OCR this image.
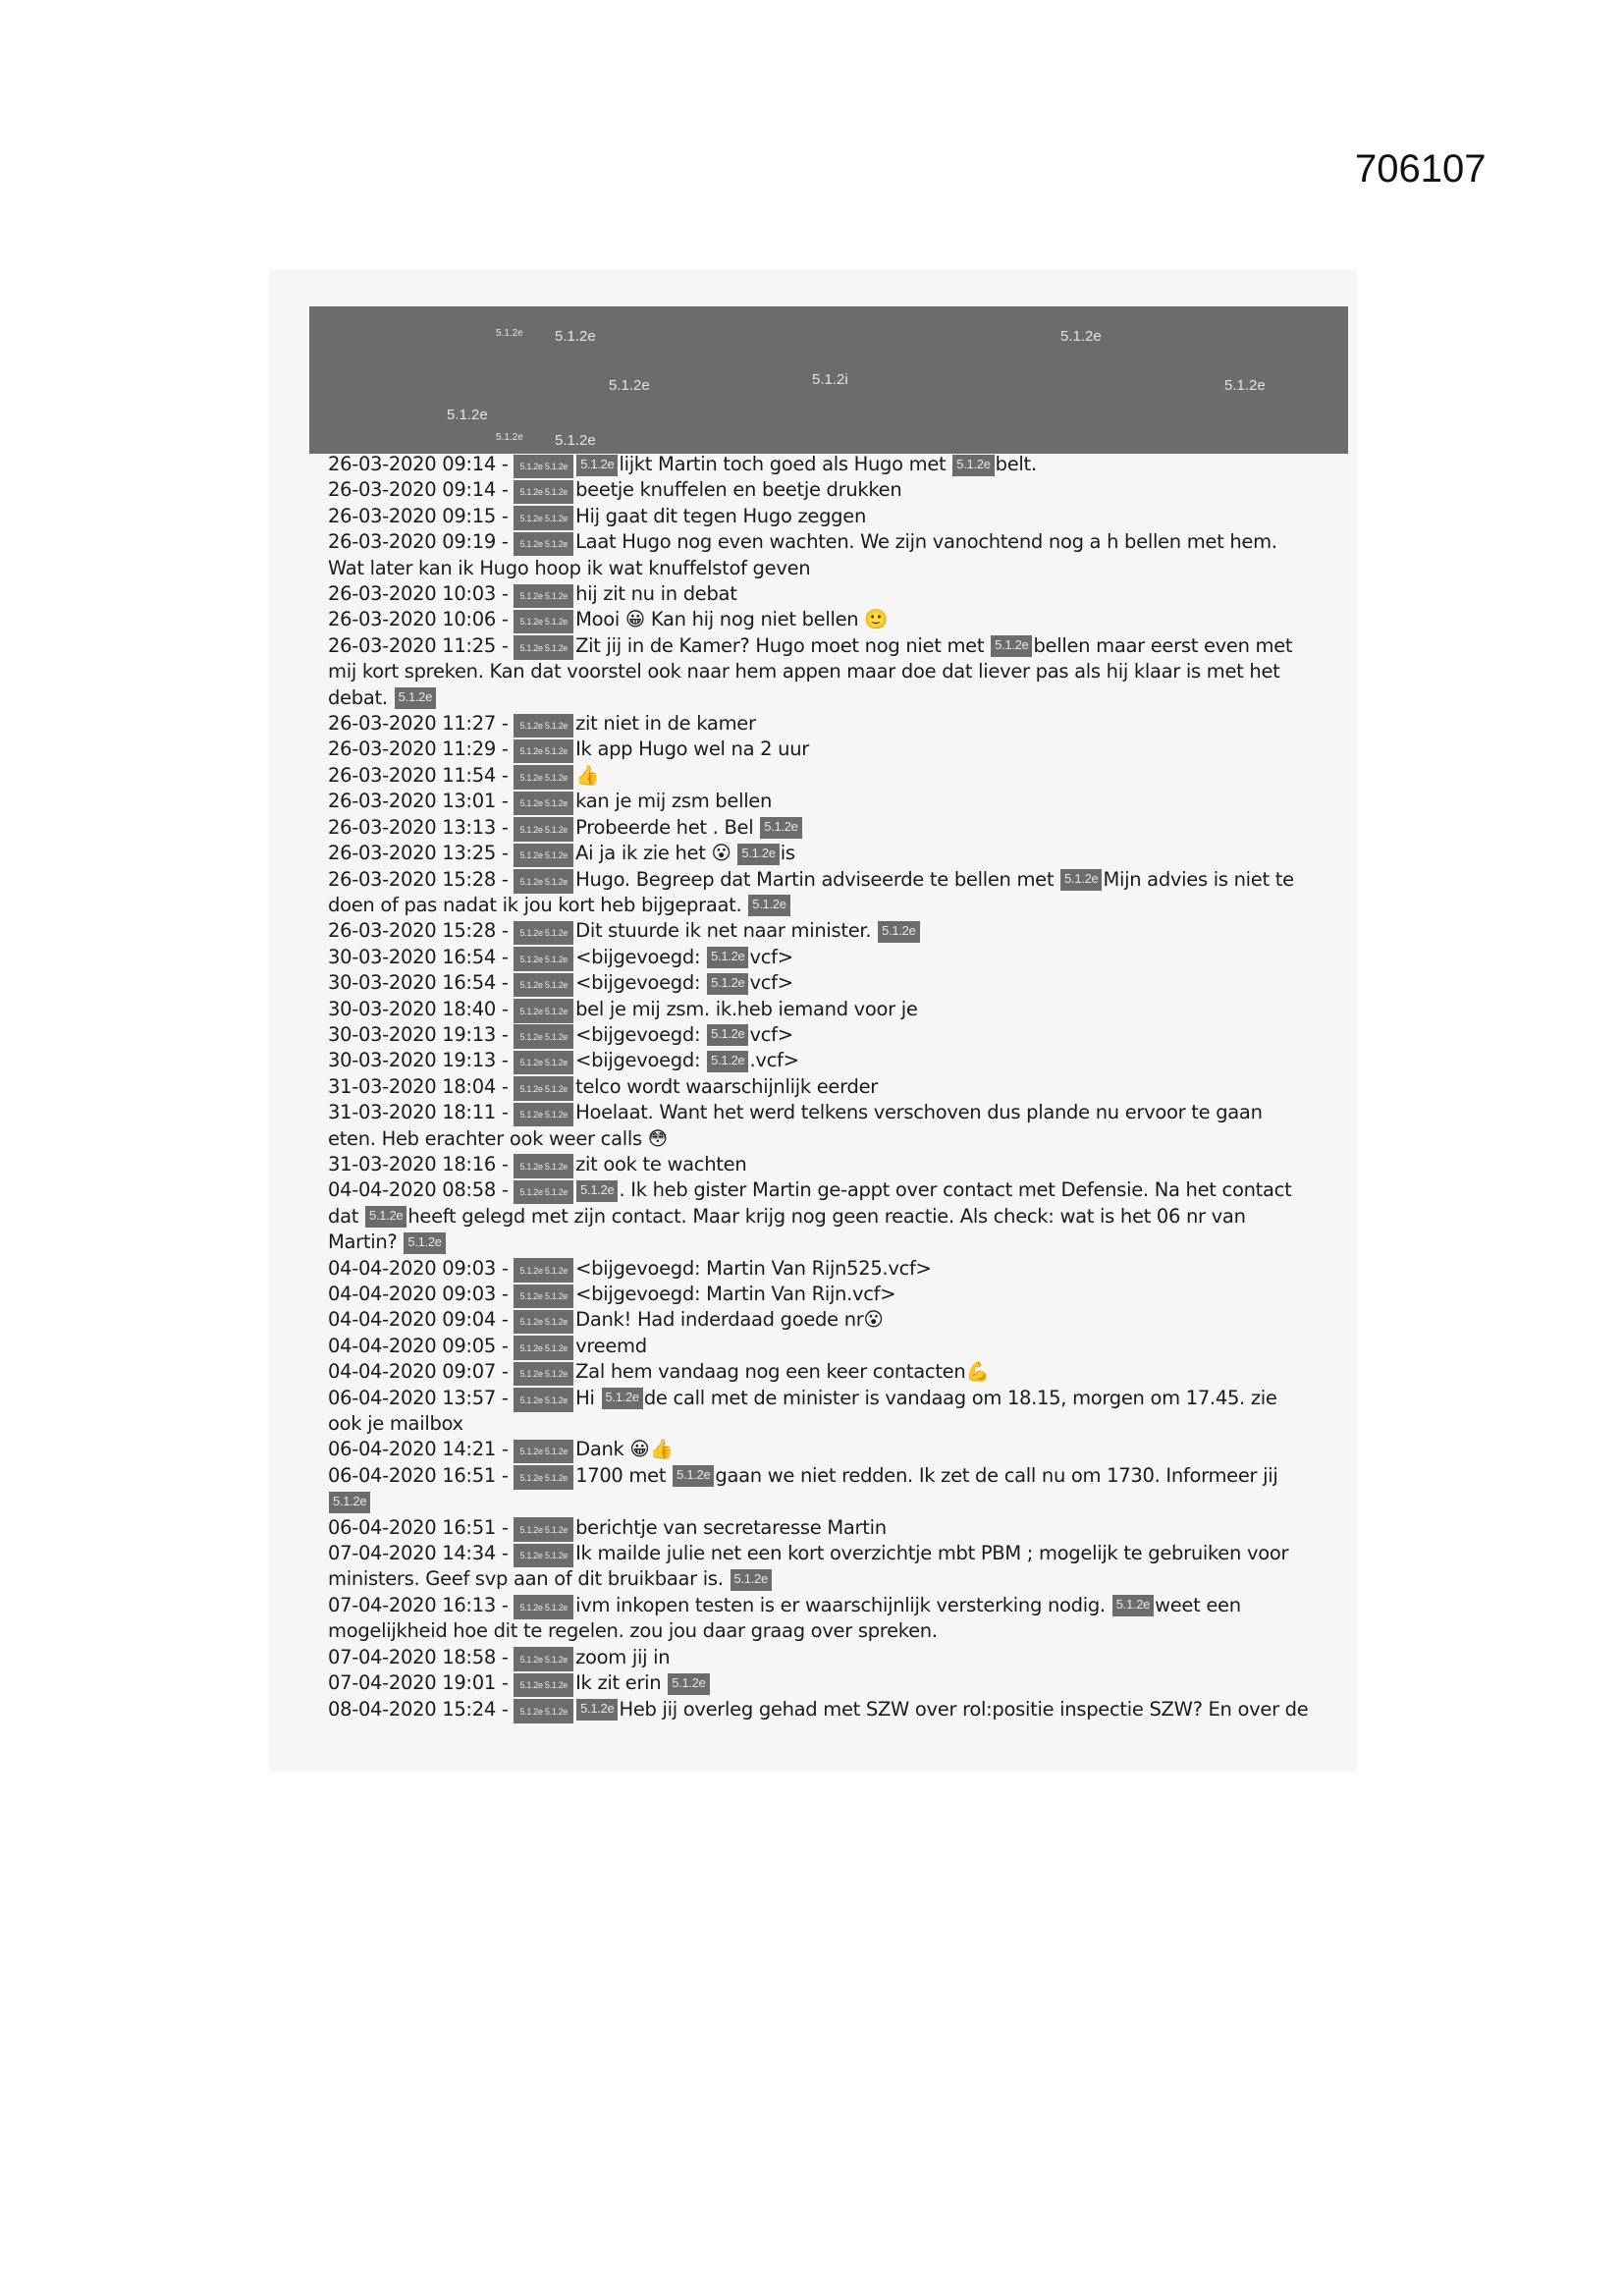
706107
5.1.2e 5.1.2e	5.1.2e
5.1.2i
5.1.2e	5.1.2e
5.1.2e
5.1.2e 5.1.2e
26-03-2020 09:14 - 5.1.2e 5.1.2e 5.1.2e lijkt Martin toch goed als Hugo met 5.1.2e belt.
26-03-2020 09:14 - 5.1.2e 5.1.2e beetje knuffelen en beetje drukken
26-03-2020 09:15 - 5.1.2e 5.1.2e Hij gaat dit tegen Hugo zeggen
26-03-2020 09:19 - 5.1.2e 5.1.2e Laat Hugo nog even wachten. We zijn vanochtend nog a h bellen met hem. Wat later kan ik Hugo hoop ik wat knuffelstof geven
26-03-2020 10:03 - 5.1.2e 5.1.2e hij zit nu in debat
26-03-2020 10:06 - 5.1.2e 5.1.2e Mooi 😀 Kan hij nog niet bellen 🙂
26-03-2020 11:25 - 5.1.2e 5.1.2e Zit jij in de Kamer? Hugo moet nog niet met 5.1.2e bellen maar eerst even met mij kort spreken. Kan dat voorstel ook naar hem appen maar doe dat liever pas als hij klaar is met het debat. 5.1.2e
26-03-2020 11:27 - 5.1.2e 5.1.2e zit niet in de kamer
26-03-2020 11:29 - 5.1.2e 5.1.2e Ik app Hugo wel na 2 uur
26-03-2020 11:54 - 5.1.2e 5.1.2e 👍
26-03-2020 13:01 - 5.1.2e 5.1.2e kan je mij zsm bellen
26-03-2020 13:13 - 5.1.2e 5.1.2e Probeerde het . Bel 5.1.2e
26-03-2020 13:25 - 5.1.2e 5.1.2e Ai ja ik zie het 😮 5.1.2e is
26-03-2020 15:28 - 5.1.2e 5.1.2e Hugo. Begreep dat Martin adviseerde te bellen met 5.1.2e Mijn advies is niet te doen of pas nadat ik jou kort heb bijgepraat. 5.1.2e
26-03-2020 15:28 - 5.1.2e 5.1.2e Dit stuurde ik net naar minister. 5.1.2e
30-03-2020 16:54 - 5.1.2e 5.1.2e <bijgevoegd: 5.1.2e vcf>
30-03-2020 16:54 - 5.1.2e 5.1.2e <bijgevoegd: 5.1.2e vcf>
30-03-2020 18:40 - 5.1.2e 5.1.2e bel je mij zsm. ik.heb iemand voor je
30-03-2020 19:13 - 5.1.2e 5.1.2e <bijgevoegd: 5.1.2e vcf>
30-03-2020 19:13 - 5.1.2e 5.1.2e <bijgevoegd: 5.1.2e .vcf>
31-03-2020 18:04 - 5.1.2e 5.1.2e telco wordt waarschijnlijk eerder
31-03-2020 18:11 - 5.1.2e 5.1.2e Hoelaat. Want het werd telkens verschoven dus plande nu ervoor te gaan eten. Heb erachter ook weer calls 😳
31-03-2020 18:16 - 5.1.2e 5.1.2e zit ook te wachten
04-04-2020 08:58 - 5.1.2e 5.1.2e 5.1.2e . Ik heb gister Martin ge-appt over contact met Defensie. Na het contact dat 5.1.2e heeft gelegd met zijn contact. Maar krijg nog geen reactie. Als check: wat is het 06 nr van Martin? 5.1.2e
04-04-2020 09:03 - 5.1.2e 5.1.2e <bijgevoegd: Martin Van Rijn525.vcf>
04-04-2020 09:03 - 5.1.2e 5.1.2e <bijgevoegd: Martin Van Rijn.vcf>
04-04-2020 09:04 - 5.1.2e 5.1.2e Dank! Had inderdaad goede nr😮
04-04-2020 09:05 - 5.1.2e 5.1.2e vreemd
04-04-2020 09:07 - 5.1.2e 5.1.2e Zal hem vandaag nog een keer contacten💪
06-04-2020 13:57 - 5.1.2e 5.1.2e Hi 5.1.2e de call met de minister is vandaag om 18.15, morgen om 17.45. zie ook je mailbox
06-04-2020 14:21 - 5.1.2e 5.1.2e Dank 😀👍
06-04-2020 16:51 - 5.1.2e 5.1.2e 1700 met 5.1.2e gaan we niet redden. Ik zet de call nu om 1730. Informeer jij 5.1.2e
06-04-2020 16:51 - 5.1.2e 5.1.2e berichtje van secretaresse Martin
07-04-2020 14:34 - 5.1.2e 5.1.2e Ik mailde julie net een kort overzichtje mbt PBM ; mogelijk te gebruiken voor ministers. Geef svp aan of dit bruikbaar is. 5.1.2e
07-04-2020 16:13 - 5.1.2e 5.1.2e ivm inkopen testen is er waarschijnlijk versterking nodig. 5.1.2e weet een mogelijkheid hoe dit te regelen. zou jou daar graag over spreken.
07-04-2020 18:58 - 5.1.2e 5.1.2e zoom jij in
07-04-2020 19:01 - 5.1.2e 5.1.2e Ik zit erin 5.1.2e
08-04-2020 15:24 - 5.1.2e 5.1.2e 5.1.2e Heb jij overleg gehad met SZW over rol:positie inspectie SZW? En over de
